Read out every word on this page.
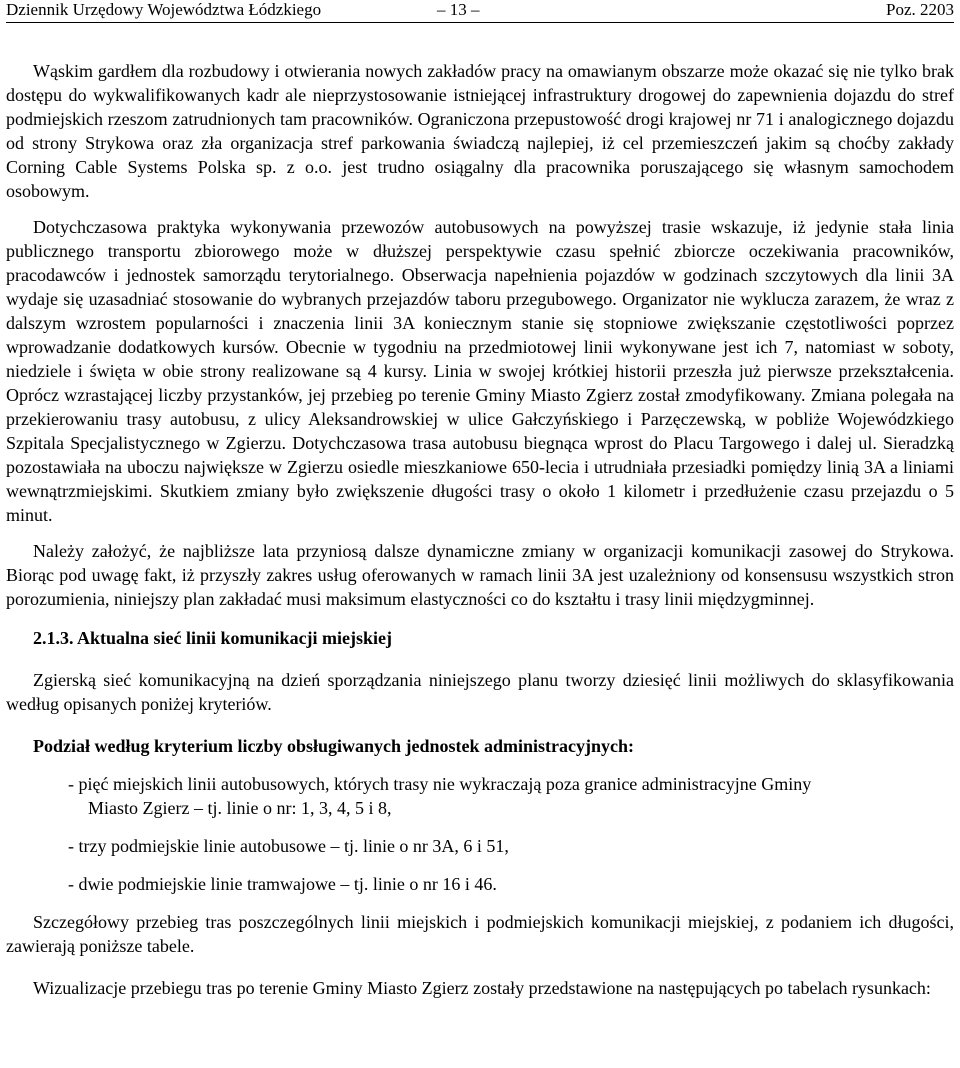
Dziennik Urzędowy Województwa Łódzkiego	– 13 –	Poz. 2203

Wąskim gardłem dla rozbudowy i otwierania nowych zakładów pracy na omawianym obszarze może okazać się nie tylko brak dostępu do wykwalifikowanych kadr ale nieprzystosowanie istniejącej infrastruktury drogowej do zapewnienia dojazdu do stref podmiejskich rzeszom zatrudnionych tam pracowników. Ograniczona przepustowość drogi krajowej nr 71 i analogicznego dojazdu od strony Strykowa oraz zła organizacja stref parkowania świadczą najlepiej, iż cel przemieszczeń jakim są choćby zakłady Corning Cable Systems Polska sp. z o.o. jest trudno osiągalny dla pracownika poruszającego się własnym samochodem osobowym.

Dotychczasowa praktyka wykonywania przewozów autobusowych na powyższej trasie wskazuje, iż jedynie stała linia publicznego transportu zbiorowego może w dłuższej perspektywie czasu spełnić zbiorcze oczekiwania pracowników, pracodawców i jednostek samorządu terytorialnego. Obserwacja napełnienia pojazdów w godzinach szczytowych dla linii 3A wydaje się uzasadniać stosowanie do wybranych przejazdów taboru przegubowego. Organizator nie wyklucza zarazem, że wraz z dalszym wzrostem popularności i znaczenia linii 3A koniecznym stanie się stopniowe zwiększanie częstotliwości poprzez wprowadzanie dodatkowych kursów. Obecnie w tygodniu na przedmiotowej linii wykonywane jest ich 7, natomiast w soboty, niedziele i święta w obie strony realizowane są 4 kursy. Linia w swojej krótkiej historii przeszła już pierwsze przekształcenia. Oprócz wzrastającej liczby przystanków, jej przebieg po terenie Gminy Miasto Zgierz został zmodyfikowany. Zmiana polegała na przekierowaniu trasy autobusu, z ulicy Aleksandrowskiej w ulice Gałczyńskiego i Parzęczewską, w pobliże Wojewódzkiego Szpitala Specjalistycznego w Zgierzu. Dotychczasowa trasa autobusu biegnąca wprost do Placu Targowego i dalej ul. Sieradzką pozostawiała na uboczu największe w Zgierzu osiedle mieszkaniowe 650-lecia i utrudniała przesiadki pomiędzy linią 3A a liniami wewnątrzmiejskimi. Skutkiem zmiany było zwiększenie długości trasy o około 1 kilometr i przedłużenie czasu przejazdu o 5 minut.

Należy założyć, że najbliższe lata przyniosą dalsze dynamiczne zmiany w organizacji komunikacji zasowej do Strykowa. Biorąc pod uwagę fakt, iż przyszły zakres usług oferowanych w ramach linii 3A jest uzależniony od konsensusu wszystkich stron porozumienia, niniejszy plan zakładać musi maksimum elastyczności co do kształtu i trasy linii międzygminnej.

2.1.3. Aktualna sieć linii komunikacji miejskiej

Zgierską sieć komunikacyjną na dzień sporządzania niniejszego planu tworzy dziesięć linii możliwych do sklasyfikowania według opisanych poniżej kryteriów.

Podział według kryterium liczby obsługiwanych jednostek administracyjnych:

- pięć miejskich linii autobusowych, których trasy nie wykraczają poza granice administracyjne Gminy
Miasto Zgierz – tj. linie o nr: 1, 3, 4, 5 i 8,
- trzy podmiejskie linie autobusowe – tj. linie o nr 3A, 6 i 51,
- dwie podmiejskie linie tramwajowe – tj. linie o nr 16 i 46.

Szczegółowy przebieg tras poszczególnych linii miejskich i podmiejskich komunikacji miejskiej, z podaniem ich długości, zawierają poniższe tabele.

Wizualizacje przebiegu tras po terenie Gminy Miasto Zgierz zostały przedstawione na następujących po tabelach rysunkach:
